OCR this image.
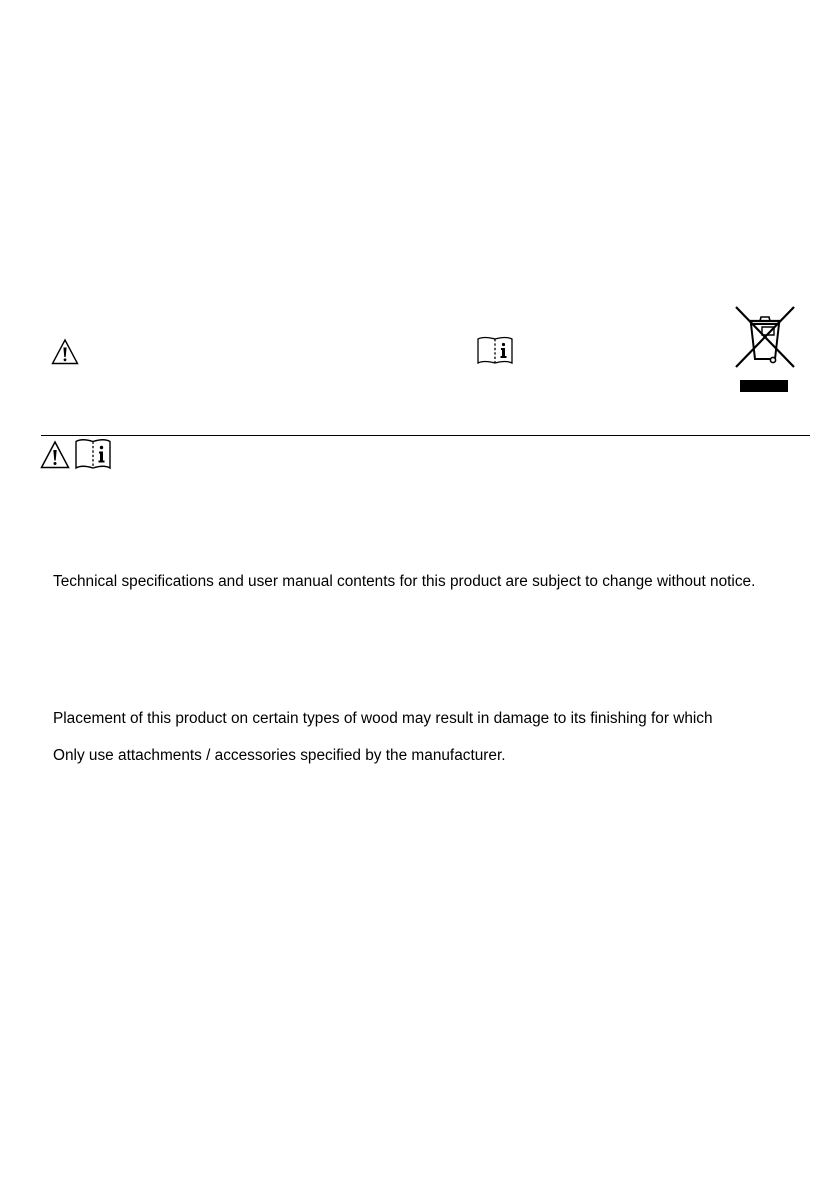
Technical specifications and user manual contents for this product are subject to change without notice.

Placement of this product on certain types of wood may result in damage to its finishing for which

Only use attachments / accessories specified by the manufacturer.
